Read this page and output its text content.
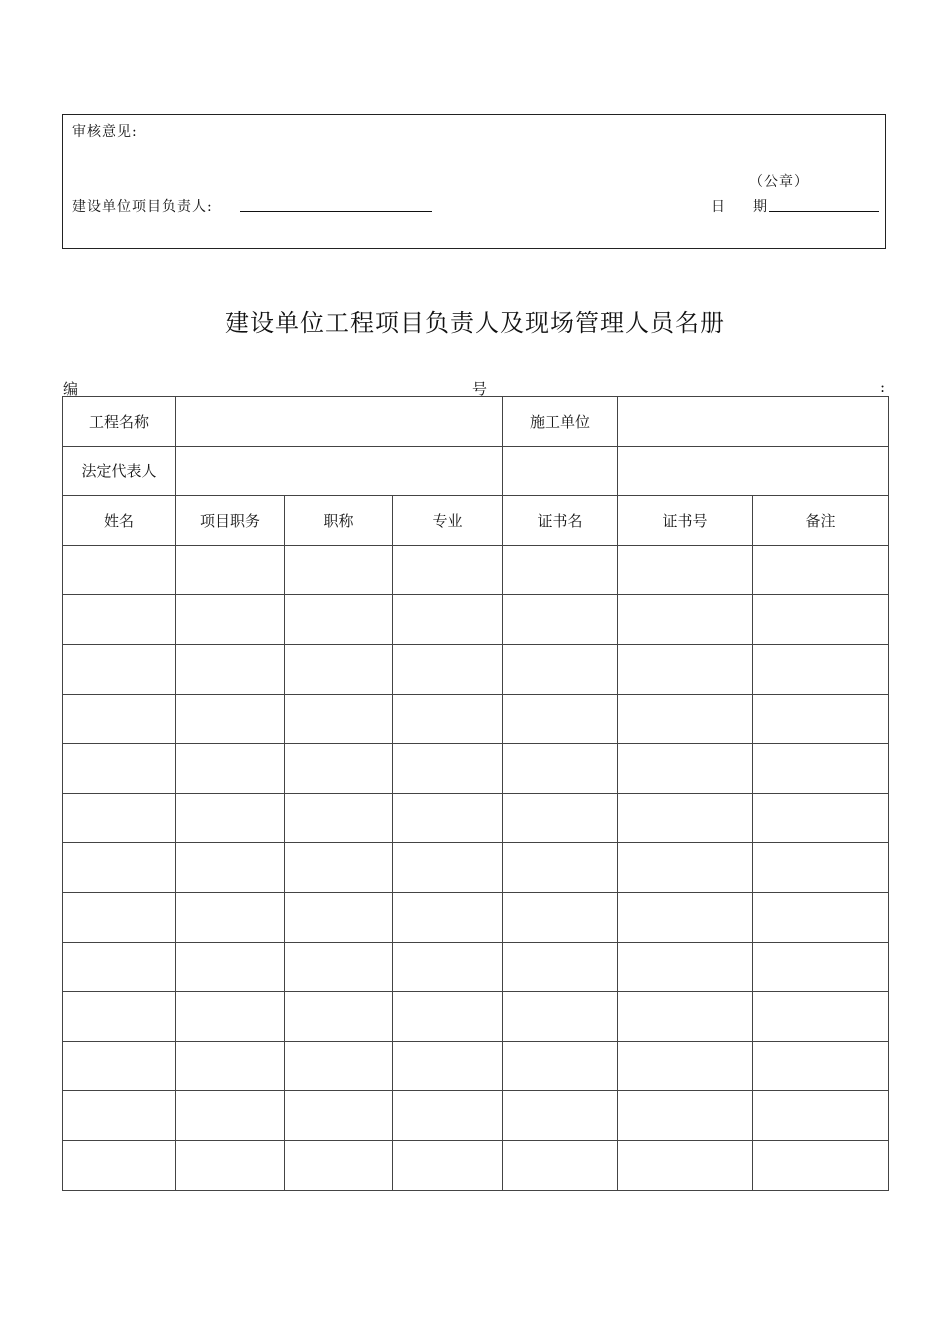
审核意见:
（公章）
建设单位项目负责人:	日 期
建设单位工程项目负责人及现场管理人员名册
编	号	:
工程名称				施工单位		
法定代表人						
姓名	项目职务	职称	专业	证书名	证书号	备注
